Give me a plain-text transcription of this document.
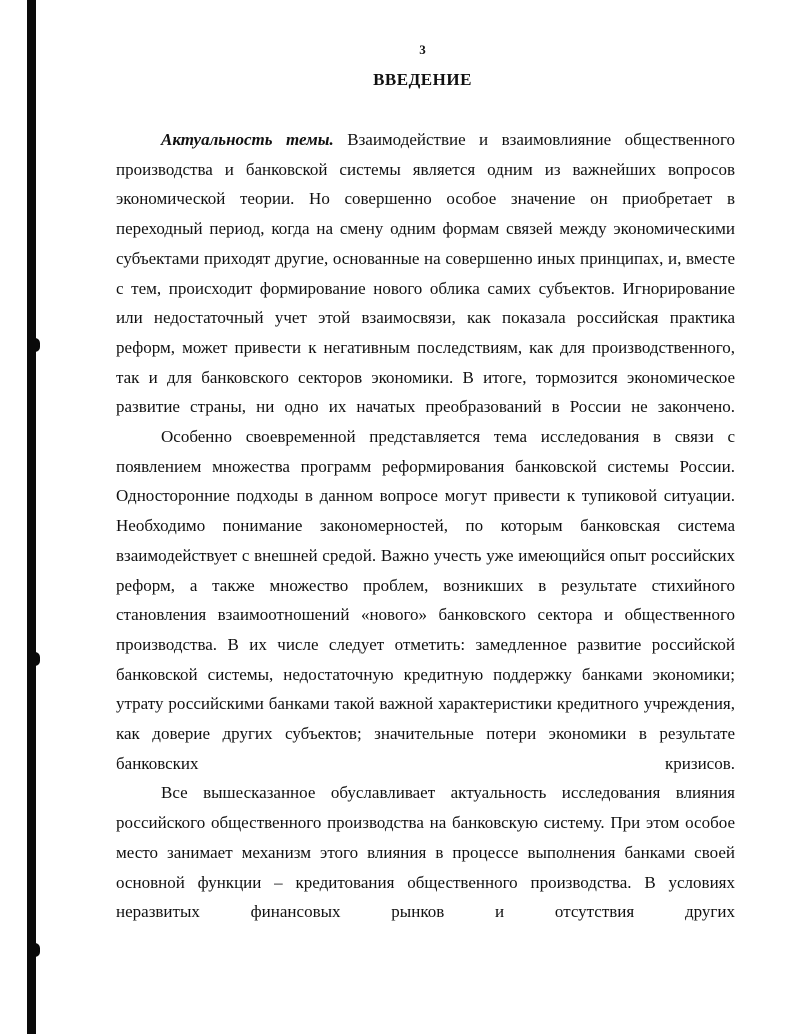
3
ВВЕДЕНИЕ

Актуальность темы. Взаимодействие и взаимовлияние общественного производства и банковской системы является одним из важнейших вопросов экономической теории. Но совершенно особое значение он приобретает в переходный период, когда на смену одним формам связей между экономическими субъектами приходят другие, основанные на совершенно иных принципах, и, вместе с тем, происходит формирование нового облика самих субъектов. Игнорирование или недостаточный учет этой взаимосвязи, как показала российская практика реформ, может привести к негативным последствиям, как для производственного, так и для банковского секторов экономики. В итоге, тормозится экономическое развитие страны, ни одно их начатых преобразований в России не закончено.

Особенно своевременной представляется тема исследования в связи с появлением множества программ реформирования банковской системы России. Односторонние подходы в данном вопросе могут привести к тупиковой ситуации. Необходимо понимание закономерностей, по которым банковская система взаимодействует с внешней средой. Важно учесть уже имеющийся опыт российских реформ, а также множество проблем, возникших в результате стихийного становления взаимоотношений «нового» банковского сектора и общественного производства. В их числе следует отметить: замедленное развитие российской банковской системы, недостаточную кредитную поддержку банками экономики; утрату российскими банками такой важной характеристики кредитного учреждения, как доверие других субъектов; значительные потери экономики в результате банковских кризисов.

Все вышесказанное обуславливает актуальность исследования влияния российского общественного производства на банковскую систему. При этом особое место занимает механизм этого влияния в процессе выполнения банками своей основной функции – кредитования общественного производства. В условиях неразвитых финансовых рынков и отсутствия других
